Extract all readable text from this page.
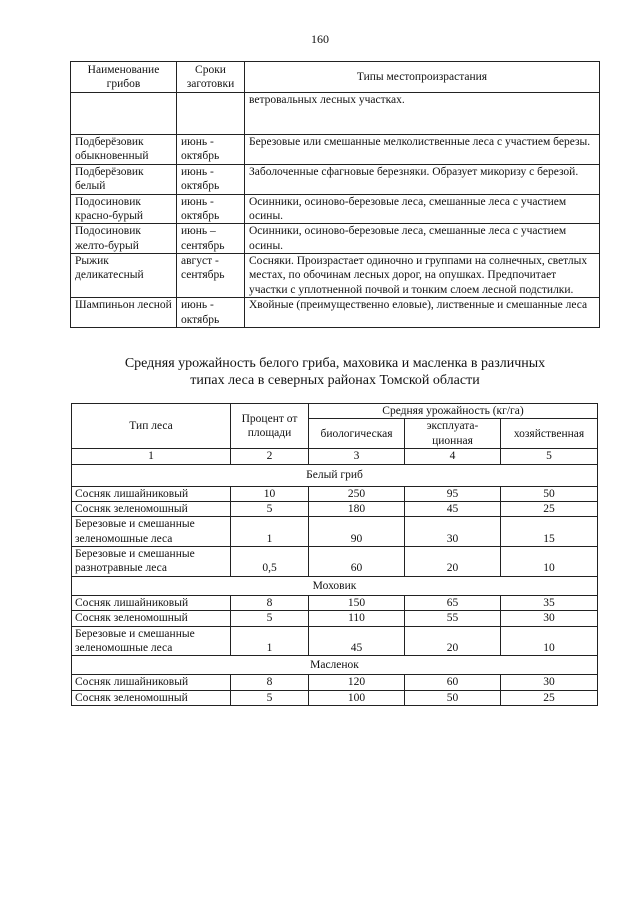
160
Наименование грибов	Сроки заготовки	Типы местопроизрастания
		ветровальных лесных участках.
Подберёзовик обыкновенный	июнь - октябрь	Березовые или смешанные мелколиственные леса с участием березы.
Подберёзовик белый	июнь - октябрь	Заболоченные сфагновые березняки. Образует микоризу с березой.
Подосиновик красно-бурый	июнь - октябрь	Осинники, осиново-березовые леса, смешанные леса с участием осины.
Подосиновик желто-бурый	июнь – сентябрь	Осинники, осиново-березовые леса, смешанные леса с участием осины.
Рыжик деликатесный	август - сентябрь	Сосняки. Произрастает одиночно и группами на солнечных, светлых местах, по обочинам лесных дорог, на опушках. Предпочитает участки с уплотненной почвой и тонким слоем лесной подстилки.
Шампиньон лесной	июнь - октябрь	Хвойные (преимущественно еловые), лиственные и смешанные леса
Средняя урожайность белого гриба, маховика и масленка в различных
типах леса в северных районах Томской области
Тип леса	Процент от площади	Средняя урожайность (кг/га)		
		биологическая	эксплуата-ционная	хозяйственная
1	2	3	4	5
Белый гриб				
Сосняк лишайниковый	10	250	95	50
Сосняк зеленомошный	5	180	45	25
Березовые и смешанные зеленомошные леса	1	90	30	15
Березовые и смешанные разнотравные леса	0,5	60	20	10
Моховик				
Сосняк лишайниковый	8	150	65	35
Сосняк зеленомошный	5	110	55	30
Березовые и смешанные зеленомошные леса	1	45	20	10
Масленок				
Сосняк лишайниковый	8	120	60	30
Сосняк зеленомошный	5	100	50	25
